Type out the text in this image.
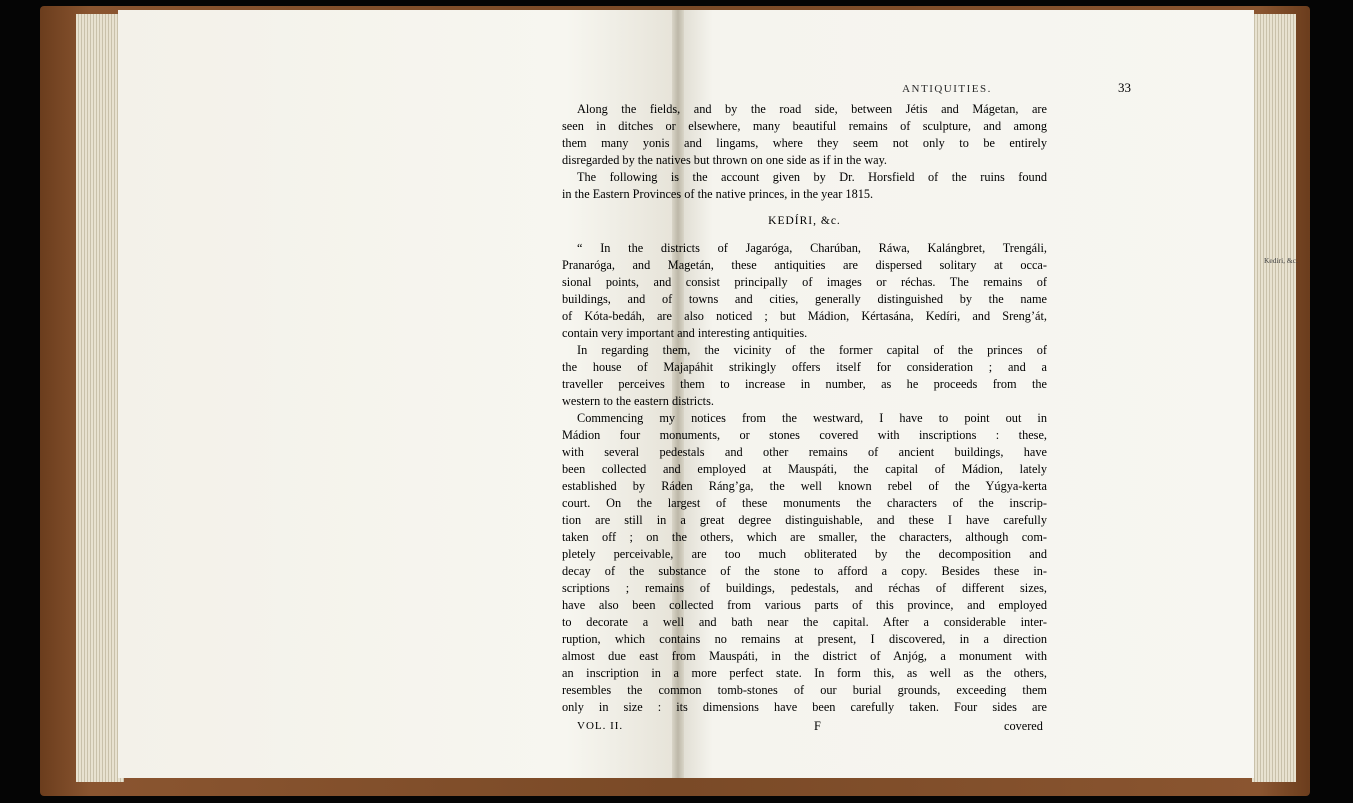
ANTIQUITIES.	33
Along the fields, and by the road side, between Jétis and Mágetan, are
seen in ditches or elsewhere, many beautiful remains of sculpture, and among
them many yonis and lingams, where they seem not only to be entirely
disregarded by the natives but thrown on one side as if in the way.
The following is the account given by Dr. Horsfield of the ruins found
in the Eastern Provinces of the native princes, in the year 1815.
KEDÍRI, &c.
“ In the districts of Jagaróga, Charúban, Ráwa, Kalángbret, Trengáli,
Pranaróga, and Magetán, these antiquities are dispersed solitary at occa-
sional points, and consist principally of images or réchas. The remains of
buildings, and of towns and cities, generally distinguished by the name
of Kóta-bedáh, are also noticed ; but Mádion, Kértasána, Kedíri, and Sreng’át,
contain very important and interesting antiquities.
Kediri, &c.
In regarding them, the vicinity of the former capital of the princes of
the house of Majapáhit strikingly offers itself for consideration ; and a
traveller perceives them to increase in number, as he proceeds from the
western to the eastern districts.
Commencing my notices from the westward, I have to point out in
Mádion four monuments, or stones covered with inscriptions : these,
with several pedestals and other remains of ancient buildings, have
been collected and employed at Mauspáti, the capital of Mádion, lately
established by Ráden Ráng’ga, the well known rebel of the Yúgya-kerta
court. On the largest of these monuments the characters of the inscrip-
tion are still in a great degree distinguishable, and these I have carefully
taken off ; on the others, which are smaller, the characters, although com-
pletely perceivable, are too much obliterated by the decomposition and
decay of the substance of the stone to afford a copy. Besides these in-
scriptions ; remains of buildings, pedestals, and réchas of different sizes,
have also been collected from various parts of this province, and employed
to decorate a well and bath near the capital. After a considerable inter-
ruption, which contains no remains at present, I discovered, in a direction
almost due east from Mauspáti, in the district of Anjóg, a monument with
an inscription in a more perfect state. In form this, as well as the others,
resembles the common tomb-stones of our burial grounds, exceeding them
only in size : its dimensions have been carefully taken. Four sides are
VOL. II.	F	covered
